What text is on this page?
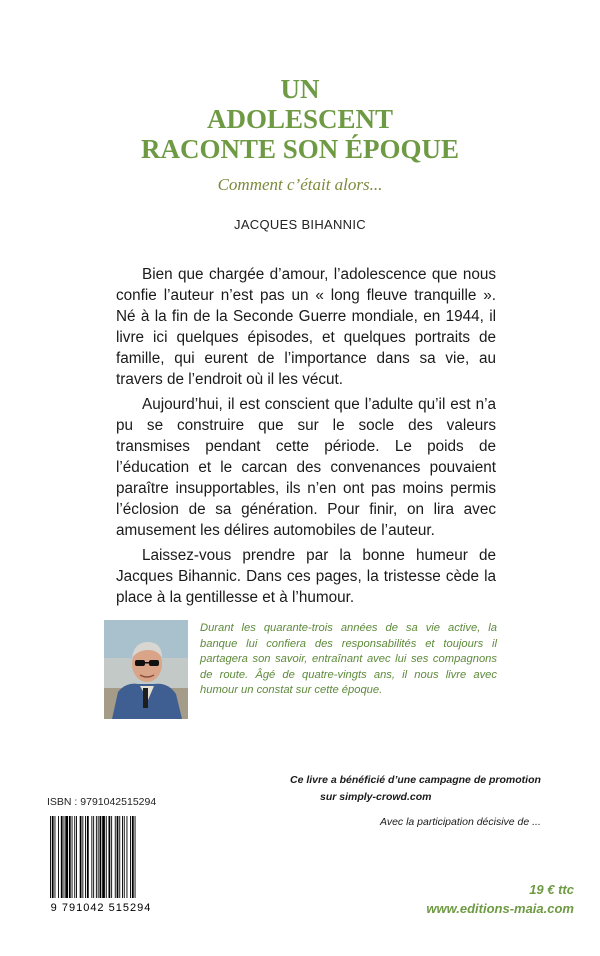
UN
ADOLESCENT
RACONTE SON ÉPOQUE
Comment c’était alors...
JACQUES BIHANNIC

Bien que chargée d’amour, l’adolescence que nous confie l’auteur n’est pas un « long fleuve tranquille ». Né à la fin de la Seconde Guerre mondiale, en 1944, il livre ici quelques épisodes, et quelques portraits de famille, qui eurent de l’importance dans sa vie, au travers de l’endroit où il les vécut.

Aujourd’hui, il est conscient que l’adulte qu’il est n’a pu se construire que sur le socle des valeurs transmises pendant cette période. Le poids de l’éducation et le carcan des convenances pouvaient paraître insupportables, ils n’en ont pas moins permis l’éclosion de sa génération. Pour finir, on lira avec amusement les délires automobiles de l’auteur.

Laissez-vous prendre par la bonne humeur de Jacques Bihannic. Dans ces pages, la tristesse cède la place à la gentillesse et à l’humour.

Durant les quarante-trois années de sa vie active, la banque lui confiera des responsabilités et toujours il partagera son savoir, entraînant avec lui ses compagnons de route. Âgé de quatre-vingts ans, il nous livre avec humour un constat sur cette époque.
Ce livre a bénéficié d’une campagne de promotion
sur simply-crowd.com
Avec la participation décisive de ...
ISBN : 9791042515294
9 791042 515294
19 € ttc
www.editions-maia.com
